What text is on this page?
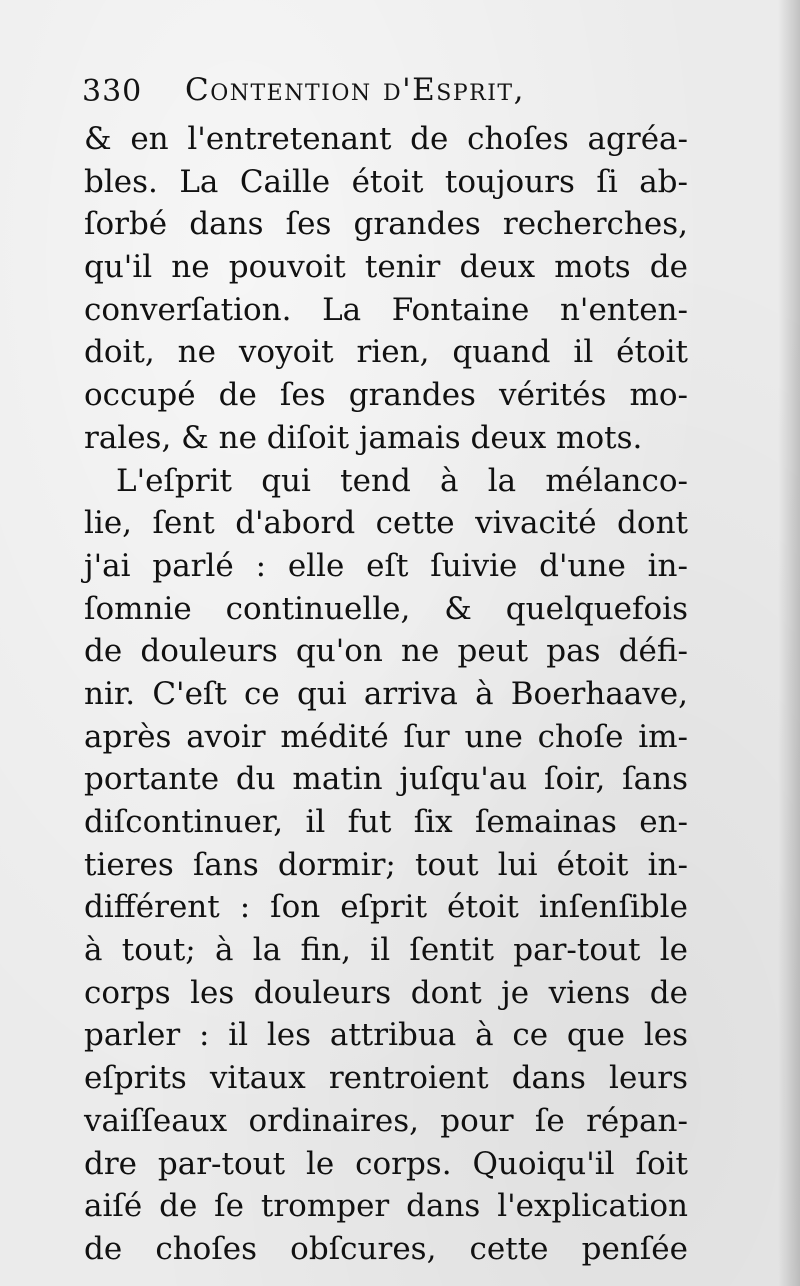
330 Contention d'Esprit,
& en l'entretenant de choſes agréa-
bles. La Caille étoit toujours ſi ab-
ſorbé dans ſes grandes recherches,
qu'il ne pouvoit tenir deux mots de
converſation. La Fontaine n'enten-
doit, ne voyoit rien, quand il étoit
occupé de ſes grandes vérités mo-
rales, & ne diſoit jamais deux mots.
L'eſprit qui tend à la mélanco-
lie, ſent d'abord cette vivacité dont
j'ai parlé : elle eſt ſuivie d'une in-
ſomnie continuelle, & quelquefois
de douleurs qu'on ne peut pas défi-
nir. C'eſt ce qui arriva à Boerhaave,
après avoir médité ſur une choſe im-
portante du matin juſqu'au ſoir, ſans
diſcontinuer, il fut ſix ſemainas en-
tieres ſans dormir; tout lui étoit in-
différent : ſon eſprit étoit inſenſible
à tout; à la fin, il ſentit par-tout le
corps les douleurs dont je viens de
parler : il les attribua à ce que les
eſprits vitaux rentroient dans leurs
vaiſſeaux ordinaires, pour ſe répan-
dre par-tout le corps. Quoiqu'il ſoit
aiſé de ſe tromper dans l'explication
de choſes obſcures, cette penſée
